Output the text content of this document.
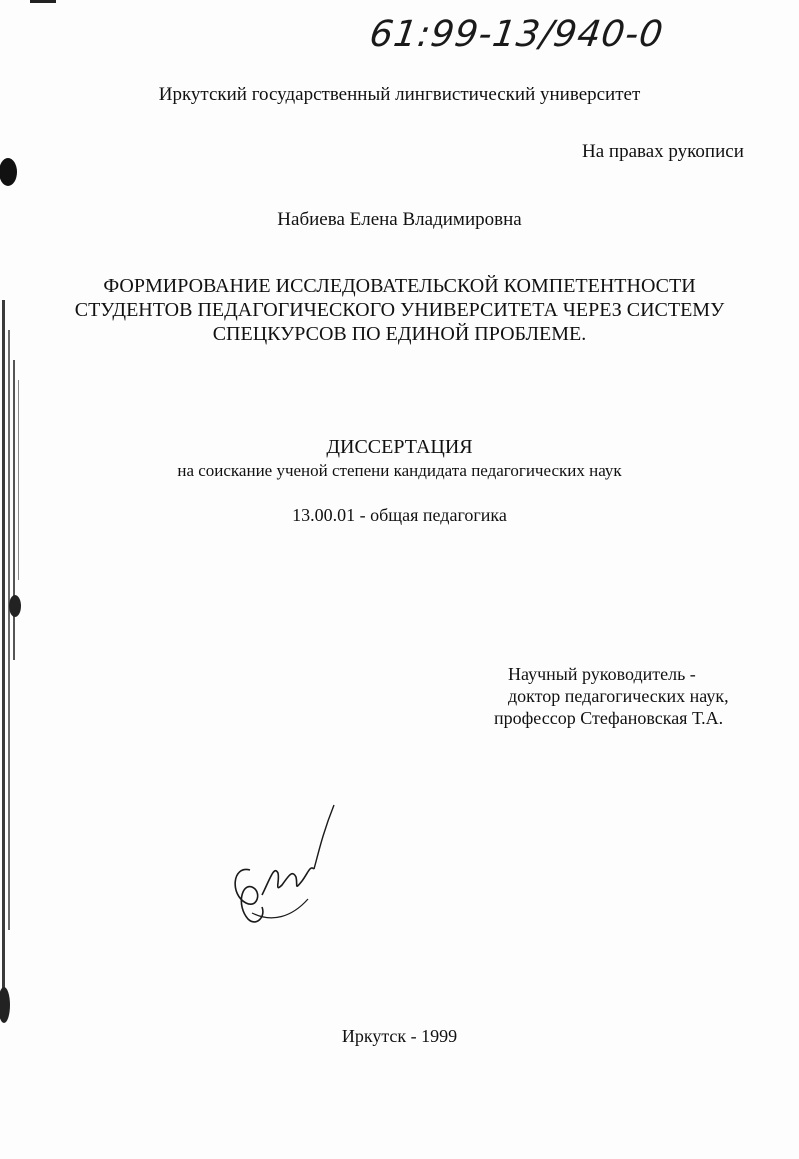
61:99-13/940-0
Иркутский государственный лингвистический университет
На правах рукописи
Набиева Елена Владимировна
ФОРМИРОВАНИЕ ИССЛЕДОВАТЕЛЬСКОЙ КОМПЕТЕНТНОСТИ
СТУДЕНТОВ ПЕДАГОГИЧЕСКОГО УНИВЕРСИТЕТА ЧЕРЕЗ СИСТЕМУ
СПЕЦКУРСОВ ПО ЕДИНОЙ ПРОБЛЕМЕ.
ДИССЕРТАЦИЯ
на соискание ученой степени кандидата педагогических наук
13.00.01 - общая педагогика
Научный руководитель -
доктор педагогических наук,
профессор Стефановская Т.А.
Иркутск - 1999
